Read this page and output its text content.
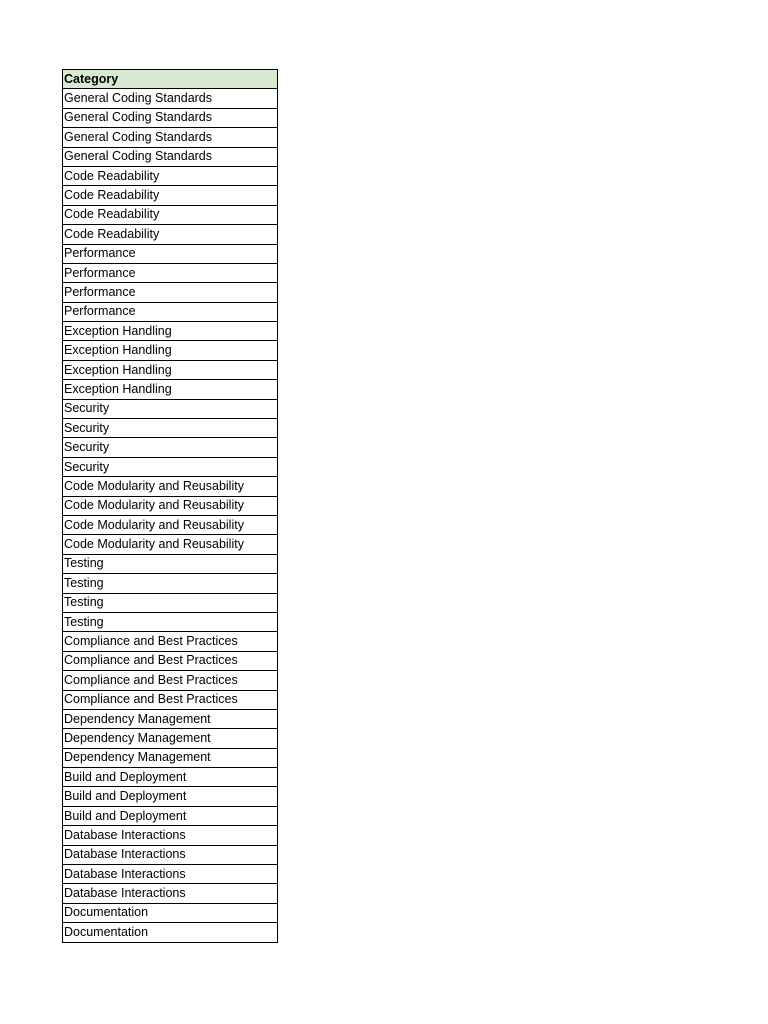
Category
General Coding Standards
General Coding Standards
General Coding Standards
General Coding Standards
Code Readability
Code Readability
Code Readability
Code Readability
Performance
Performance
Performance
Performance
Exception Handling
Exception Handling
Exception Handling
Exception Handling
Security
Security
Security
Security
Code Modularity and Reusability
Code Modularity and Reusability
Code Modularity and Reusability
Code Modularity and Reusability
Testing
Testing
Testing
Testing
Compliance and Best Practices
Compliance and Best Practices
Compliance and Best Practices
Compliance and Best Practices
Dependency Management
Dependency Management
Dependency Management
Build and Deployment
Build and Deployment
Build and Deployment
Database Interactions
Database Interactions
Database Interactions
Database Interactions
Documentation
Documentation
